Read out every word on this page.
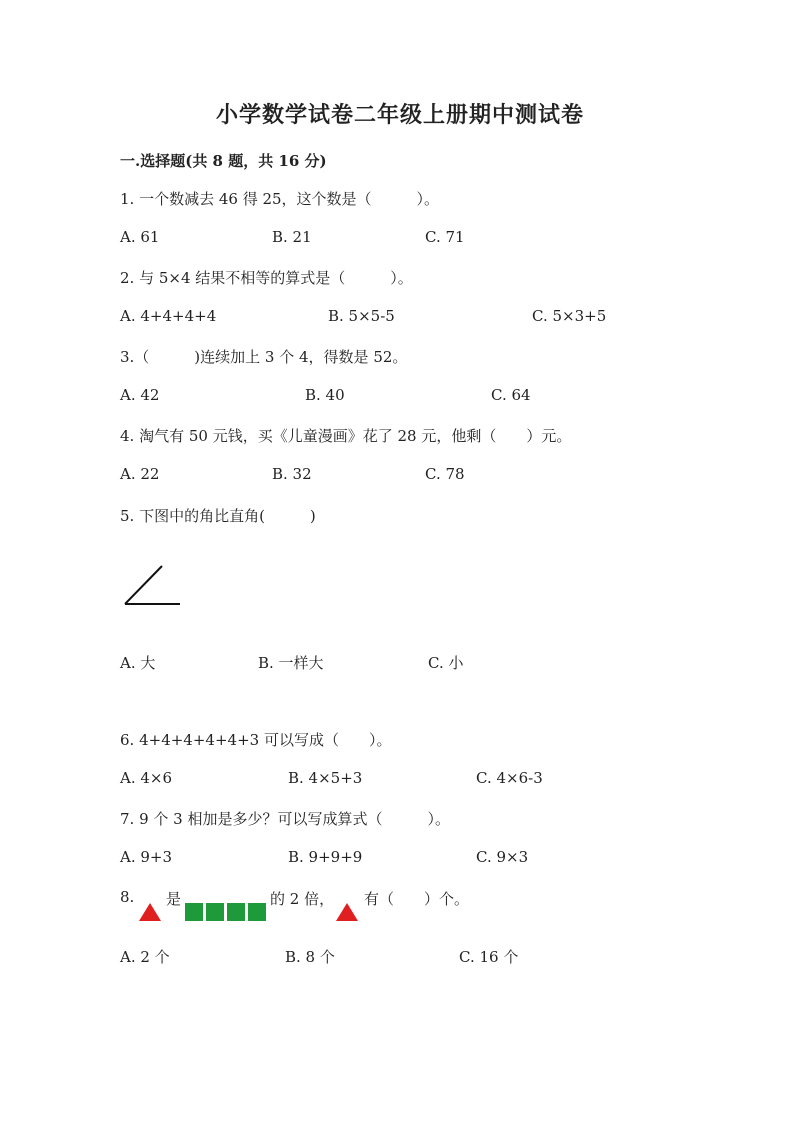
小学数学试卷二年级上册期中测试卷
一.选择题(共 8 题，共 16 分)
1. 一个数减去 46 得 25，这个数是（　　　）。
A. 61	B. 21	C. 71
2. 与 5×4 结果不相等的算式是（　　　）。
A. 4+4+4+4	B. 5×5-5	C. 5×3+5
3.（　　　)连续加上 3 个 4，得数是 52。
A. 42	B. 40	C. 64
4. 淘气有 50 元钱，买《儿童漫画》花了 28 元，他剩（　　）元。
A. 22	B. 32	C. 78
5. 下图中的角比直角(　　　)
A. 大	B. 一样大	C. 小
6. 4+4+4+4+4+3 可以写成（　　）。
A. 4×6	B. 4×5+3	C. 4×6-3
7. 9 个 3 相加是多少？可以写成算式（　　　）。
A. 9+3	B. 9+9+9	C. 9×3
8. 是	的 2 倍， 有（　　）个。
A. 2 个	B. 8 个	C. 16 个
